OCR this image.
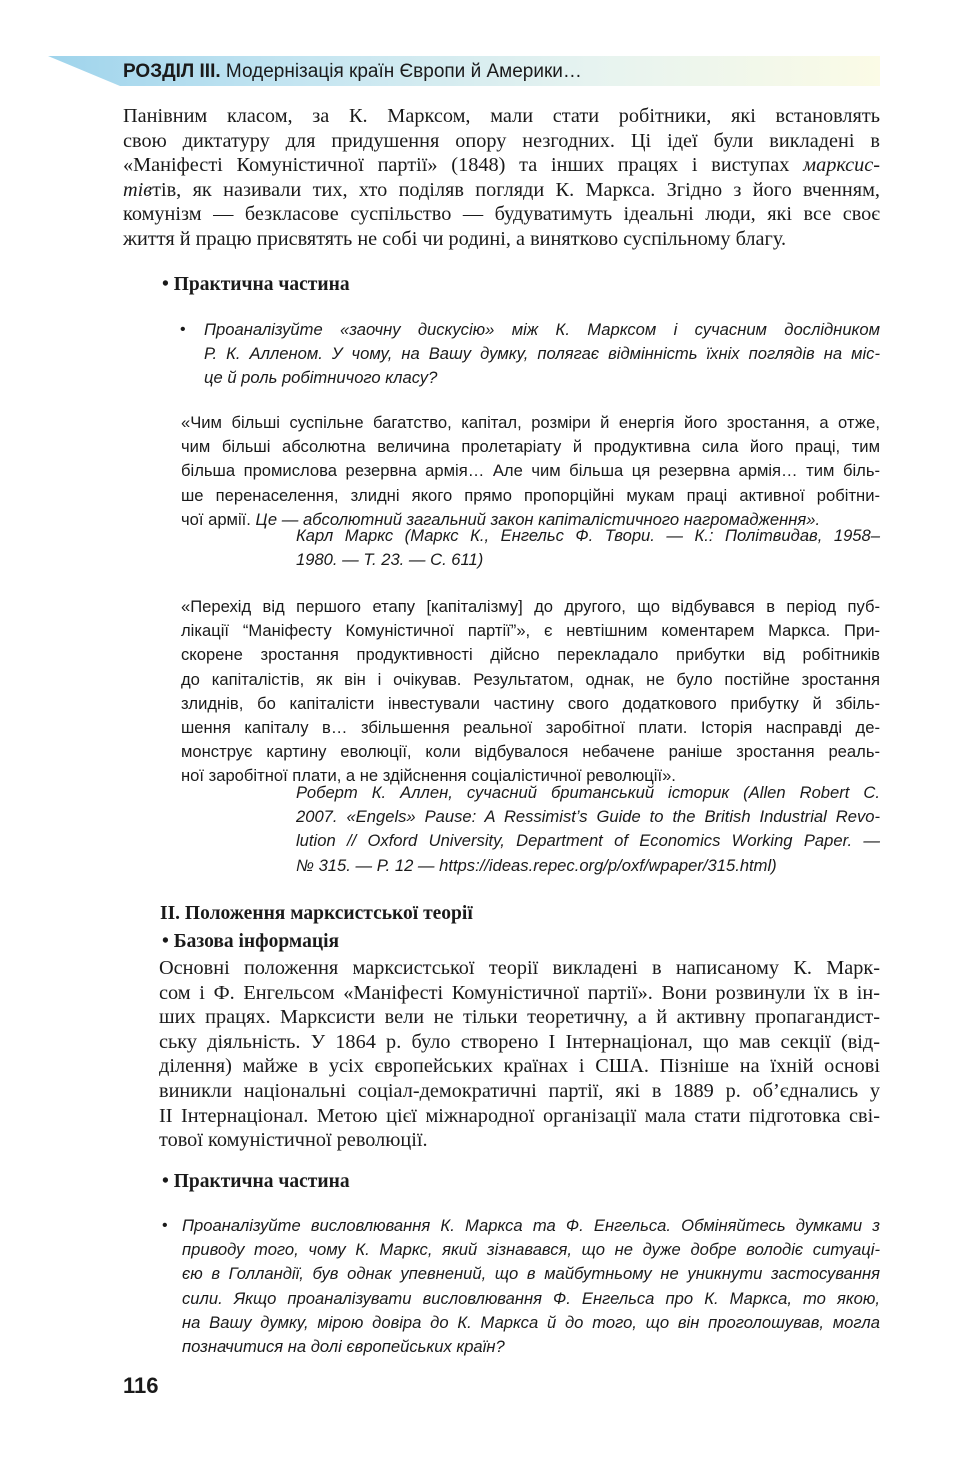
РОЗДІЛ ІІІ. Модернізація країн Європи й Америки…
Панівним класом, за К. Марксом, мали стати робітники, які встановлять
свою диктатуру для придушення опору незгодних. Ці ідеї були викладені в
«Маніфесті Комуністичної партії» (1848) та інших працях і виступах марксис-
тівтів, як називали тих, хто поділяв погляди К. Маркса. Згідно з його вченням,
комунізм — безкласове суспільство — будуватимуть ідеальні люди, які все своє
життя й працю присвятять не собі чи родині, а винятково суспільному благу.
• Практична частина
• Проаналізуйте «заочну дискусію» між К. Марксом і сучасним дослідником
Р. К. Алленом. У чому, на Вашу думку, полягає відмінність їхніх поглядів на міс-
це й роль робітничого класу?
«Чим більші суспільне багатство, капітал, розміри й енергія його зростання, а отже,
чим більші абсолютна величина пролетаріату й продуктивна сила його праці, тим
більша промислова резервна армія… Але чим більша ця резервна армія… тим біль-
ше перенаселення, злидні якого прямо пропорційні мукам праці активної робітни-
чої армії. Це — абсолютний загальний закон капіталістичного нагромадження».
Карл Маркс (Маркс К., Енгельс Ф. Твори. — К.: Політвидав, 1958–
1980. — Т. 23. — С. 611)
«Перехід від першого етапу [капіталізму] до другого, що відбувався в період пуб-
лікації “Маніфесту Комуністичної партії”», є невтішним коментарем Маркса. При-
скорене зростання продуктивності дійсно перекладало прибутки від робітників
до капіталістів, як він і очікував. Результатом, однак, не було постійне зростання
злиднів, бо капіталісти інвестували частину свого додаткового прибутку й збіль-
шення капіталу в… збільшення реальної заробітної плати. Історія насправді де-
монструє картину еволюції, коли відбувалося небачене раніше зростання реаль-
ної заробітної плати, а не здійснення соціалістичної революції».
Роберт К. Аллен, сучасний британський історик (Allen Robert C.
2007. «Engels» Pause: A Ressimist’s Guide to the British Industrial Revo-
lution // Oxford University, Department of Economics Working Paper. —
№ 315. — P. 12 — https://ideas.repec.org/p/oxf/wpaper/315.html)
II. Положення марксистської теорії
• Базова інформація
Основні положення марксистської теорії викладені в написаному К. Марк-
сом і Ф. Енгельсом «Маніфесті Комуністичної партії». Вони розвинули їх в ін-
ших працях. Марксисти вели не тільки теоретичну, а й активну пропагандист-
ську діяльність. У 1864 р. було створено І Інтернаціонал, що мав секції (від-
ділення) майже в усіх європейських країнах і США. Пізніше на їхній основі
виникли національні соціал-демократичні партії, які в 1889 р. об’єднались у
ІІ Інтернаціонал. Метою цієї міжнародної організації мала стати підготовка сві-
тової комуністичної революції.
• Практична частина
• Проаналізуйте висловлювання К. Маркса та Ф. Енгельса. Обміняйтесь думками з
приводу того, чому К. Маркс, який зізнавався, що не дуже добре володіє ситуаці-
єю в Голландії, був однак упевнений, що в майбутньому не уникнути застосування
сили. Якщо проаналізувати висловлювання Ф. Енгельса про К. Маркса, то якою,
на Вашу думку, мірою довіра до К. Маркса й до того, що він проголошував, могла
позначитися на долі європейських країн?
116
